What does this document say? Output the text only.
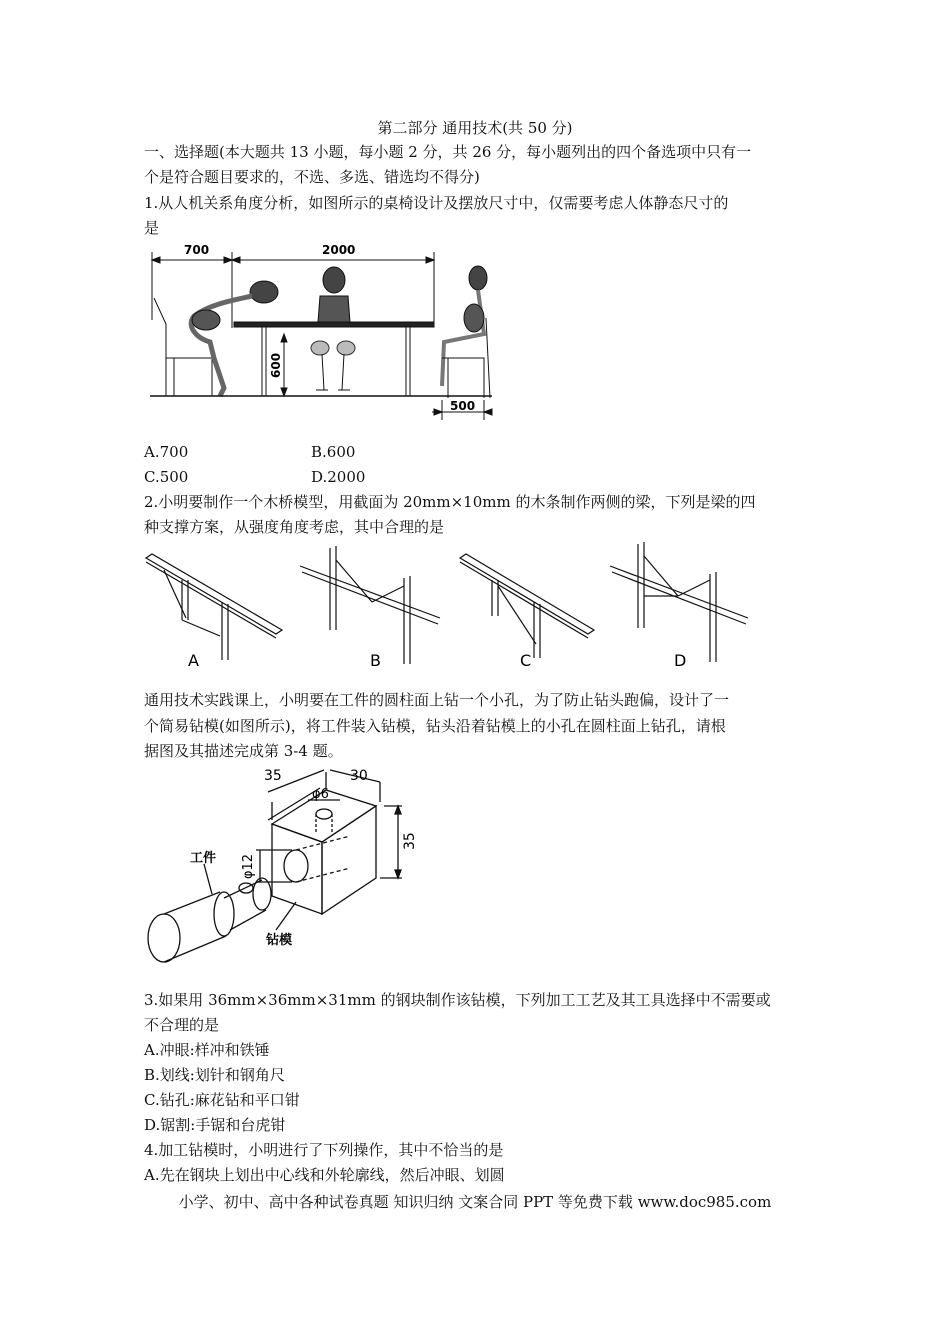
第二部分 通用技术(共 50 分)
一、选择题(本大题共 13 小题，每小题 2 分，共 26 分，每小题列出的四个备选项中只有一
个是符合题目要求的，不选、多选、错选均不得分)
1.从人机关系角度分析，如图所示的桌椅设计及摆放尺寸中，仅需要考虑人体静态尺寸的
是
700	2000
600
500
A.700	B.600
C.500	D.2000
2.小明要制作一个木桥模型，用截面为 20mm×10mm 的木条制作两侧的梁，下列是梁的四
种支撑方案，从强度角度考虑，其中合理的是
A	B	C	D
通用技术实践课上，小明要在工件的圆柱面上钻一个小孔，为了防止钻头跑偏，设计了一
个简易钻模(如图所示)，将工件装入钻模，钻头沿着钻模上的小孔在圆柱面上钻孔，请根
据图及其描述完成第 3-4 题。
35	30
φ6
φ12
35
工件
钻模
3.如果用 36mm×36mm×31mm 的钢块制作该钻模，下列加工工艺及其工具选择中不需要或
不合理的是
A.冲眼:样冲和铁锤
B.划线:划针和钢角尺
C.钻孔:麻花钻和平口钳
D.锯割:手锯和台虎钳
4.加工钻模时，小明进行了下列操作，其中不恰当的是
A.先在钢块上划出中心线和外轮廓线，然后冲眼、划圆
小学、初中、高中各种试卷真题 知识归纳 文案合同 PPT 等免费下载 www.doc985.com
